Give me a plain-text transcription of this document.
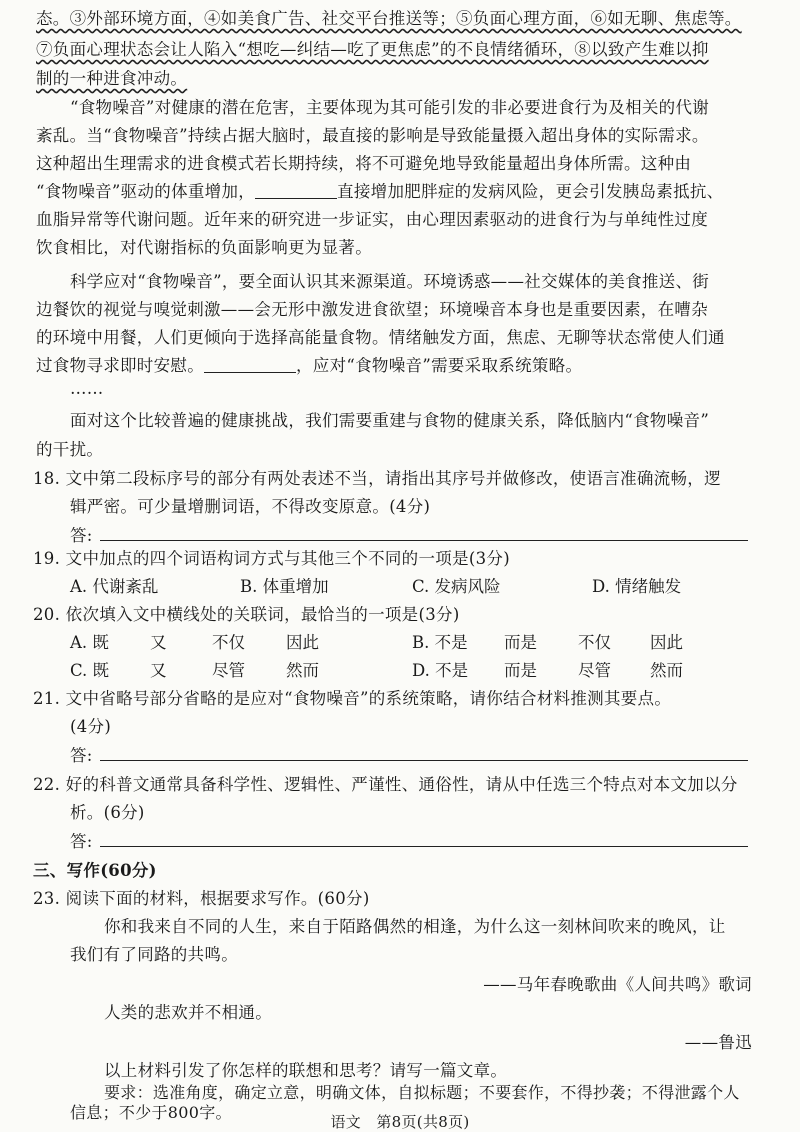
态。③外部环境方面，④如美食广告、社交平台推送等；⑤负面心理方面，⑥如无聊、焦虑等。
⑦负面心理状态会让人陷入“想吃—纠结—吃了更焦虑”的不良情绪循环，⑧以致产生难以抑
制的一种进食冲动。
“食物噪音”对健康的潜在危害，主要体现为其可能引发的非必要进食行为及相关的代谢
紊乱。当“食物噪音”持续占据大脑时，最直接的影响是导致能量摄入超出身体的实际需求。
这种超出生理需求的进食模式若长期持续，将不可避免地导致能量超出身体所需。这种由
“食物噪音”驱动的体重增加，	直接增加肥胖症的发病风险，更会引发胰岛素抵抗、
血脂异常等代谢问题。近年来的研究进一步证实，由心理因素驱动的进食行为与单纯性过度
饮食相比，对代谢指标的负面影响更为显著。
科学应对“食物噪音”，要全面认识其来源渠道。环境诱惑——社交媒体的美食推送、街
边餐饮的视觉与嗅觉刺激——会无形中激发进食欲望；环境噪音本身也是重要因素，在嘈杂
的环境中用餐，人们更倾向于选择高能量食物。情绪触发方面，焦虑、无聊等状态常使人们通
过食物寻求即时安慰。	，应对“食物噪音”需要采取系统策略。
……
面对这个比较普遍的健康挑战，我们需要重建与食物的健康关系，降低脑内“食物噪音”
的干扰。
18. 文中第二段标序号的部分有两处表述不当，请指出其序号并做修改，使语言准确流畅，逻
辑严密。可少量增删词语，不得改变原意。(4分)
答:
19. 文中加点的四个词语构词方式与其他三个不同的一项是(3分)
A. 代谢紊乱	B. 体重增加	C. 发病风险	D. 情绪触发
20. 依次填入文中横线处的关联词，最恰当的一项是(3分)
A. 既 又	不仅 因此	B. 不是 而是 不仅 因此
C. 既 又	尽管 然而	D. 不是 而是 尽管 然而
21. 文中省略号部分省略的是应对“食物噪音”的系统策略，请你结合材料推测其要点。
(4分)
答:
22. 好的科普文通常具备科学性、逻辑性、严谨性、通俗性，请从中任选三个特点对本文加以分
析。(6分)
答:
三、写作(60分)
23. 阅读下面的材料，根据要求写作。(60分)
你和我来自不同的人生，来自于陌路偶然的相逢，为什么这一刻林间吹来的晚风，让
我们有了同路的共鸣。
——马年春晚歌曲《人间共鸣》歌词
人类的悲欢并不相通。
——鲁迅
以上材料引发了你怎样的联想和思考？请写一篇文章。
要求：选准角度，确定立意，明确文体，自拟标题；不要套作，不得抄袭；不得泄露个人
信息；不少于800字。	语文　第8页(共8页)
